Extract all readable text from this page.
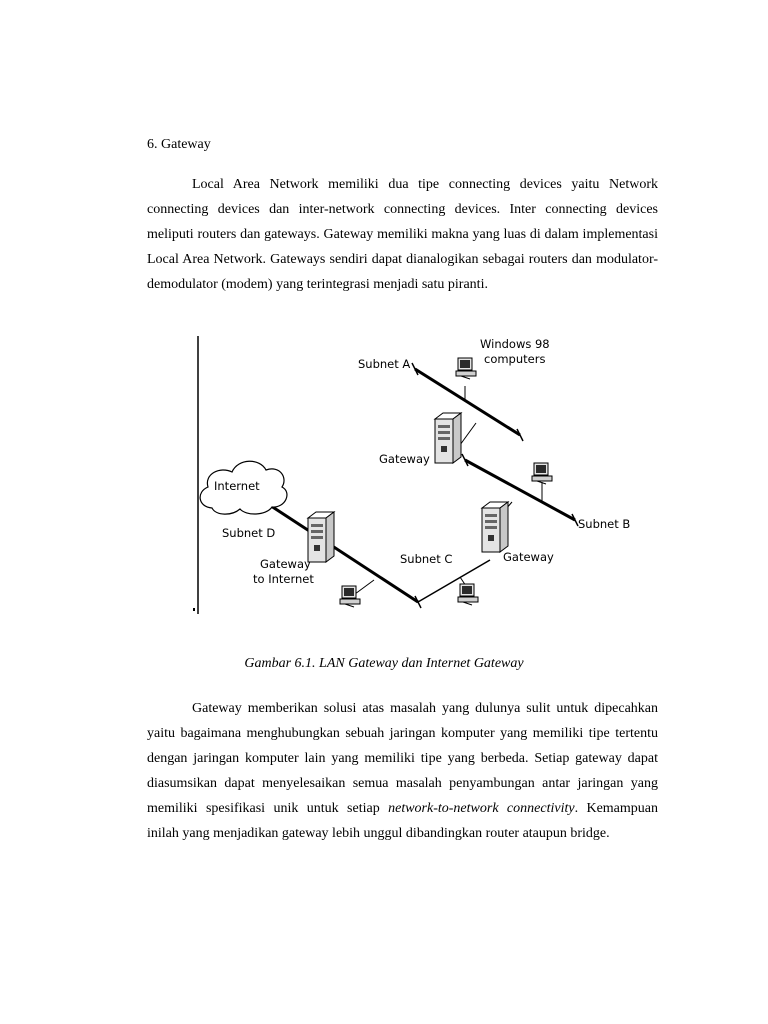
6. Gateway
Local Area Network memiliki dua tipe connecting devices yaitu Network connecting devices dan inter-network connecting devices. Inter connecting devices meliputi routers dan gateways. Gateway memiliki makna yang luas di dalam implementasi Local Area Network. Gateways sendiri dapat dianalogikan sebagai routers dan modulator-demodulator (modem) yang terintegrasi menjadi satu piranti.
Windows 98
computers
Subnet A
Gateway
Internet
Subnet B
Subnet D
Gateway
to Internet
Subnet C	Gateway
Gambar 6.1. LAN Gateway dan Internet Gateway
Gateway memberikan solusi atas masalah yang dulunya sulit untuk dipecahkan yaitu bagaimana menghubungkan sebuah jaringan komputer yang memiliki tipe tertentu dengan jaringan komputer lain yang memiliki tipe yang berbeda. Setiap gateway dapat diasumsikan dapat menyelesaikan semua masalah penyambungan antar jaringan yang memiliki spesifikasi unik untuk setiap network-to-network connectivity. Kemampuan inilah yang menjadikan gateway lebih unggul dibandingkan router ataupun bridge.
